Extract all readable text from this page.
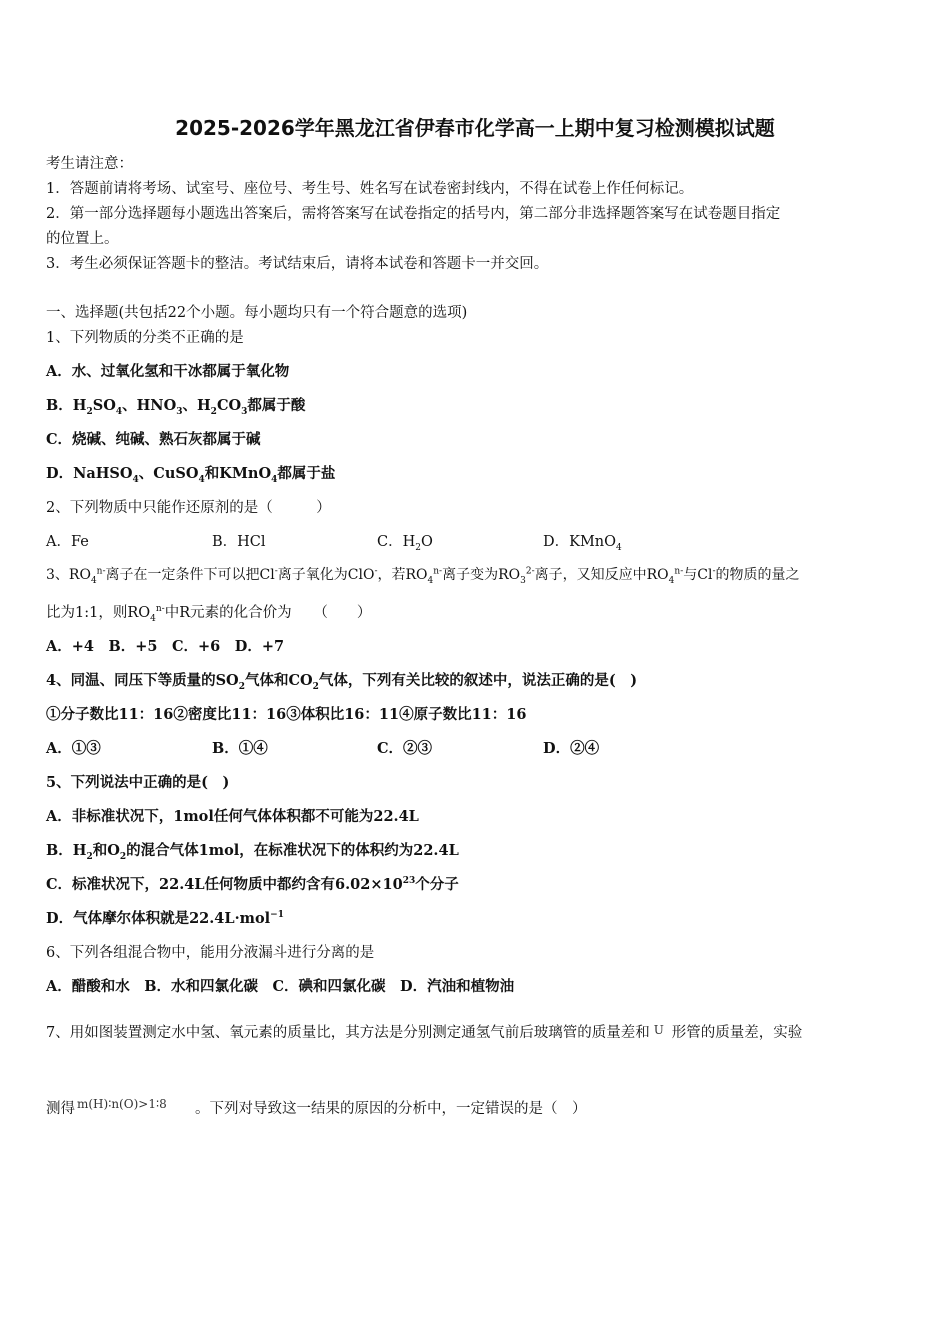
2025-2026学年黑龙江省伊春市化学高一上期中复习检测模拟试题
考生请注意：
1．答题前请将考场、试室号、座位号、考生号、姓名写在试卷密封线内，不得在试卷上作任何标记。
2．第一部分选择题每小题选出答案后，需将答案写在试卷指定的括号内，第二部分非选择题答案写在试卷题目指定
的位置上。
3．考生必须保证答题卡的整洁。考试结束后，请将本试卷和答题卡一并交回。
一、选择题(共包括22个小题。每小题均只有一个符合题意的选项)
1、下列物质的分类不正确的是
A．水、过氧化氢和干冰都属于氧化物
B．$H_2SO_4$、$HNO_3$、$H_2CO_3$都属于酸
C．烧碱、纯碱、熟石灰都属于碱
D．NaHSO$_4$、CuSO$_4$和KMnO$_4$都属于盐
2、下列物质中只能作还原剂的是（　　　）
A．Fe	B．HCl	C．$H_2O$	D．KMnO$_4$
3、$RO_4^{n-}$离子在一定条件下可以把Cl-离子氧化为ClO-，若$RO_4^{n-}$离子变为$RO_3^{2-}$离子，又知反应中$RO_4^{n-}$与Cl-的物质的量之
比为1:1，则$RO_4^{n-}$中R元素的化合价为　　（　　）
A．+4　B．+5　C．+6　D．+7
4、同温、同压下等质量的$SO_2$气体和$CO_2$气体，下列有关比较的叙述中，说法正确的是(　)
①分子数比11：16②密度比11：16③体积比16：11④原子数比11：16
A．①③	B．①④	C．②③	D．②④
5、下列说法中正确的是(　)
A．非标准状况下，1mol任何气体体积都不可能为22.4L
B．$H_2$和$O_2$的混合气体1mol，在标准状况下的体积约为22.4L
C．标准状况下，22.4L任何物质中都约含有$6.02\times 10^{23}$个分子
D．气体摩尔体积就是22.4L·mol$^{-1}$
6、下列各组混合物中，能用分液漏斗进行分离的是
A．醋酸和水　B．水和四氯化碳　C．碘和四氯化碳　D．汽油和植物油
7、用如图装置测定水中氢、氧元素的质量比，其方法是分别测定通氢气前后玻璃管的质量差和 U 形管的质量差，实验
测得 m(H)∶n(O)>1∶8 。下列对导致这一结果的原因的分析中，一定错误的是（　）
